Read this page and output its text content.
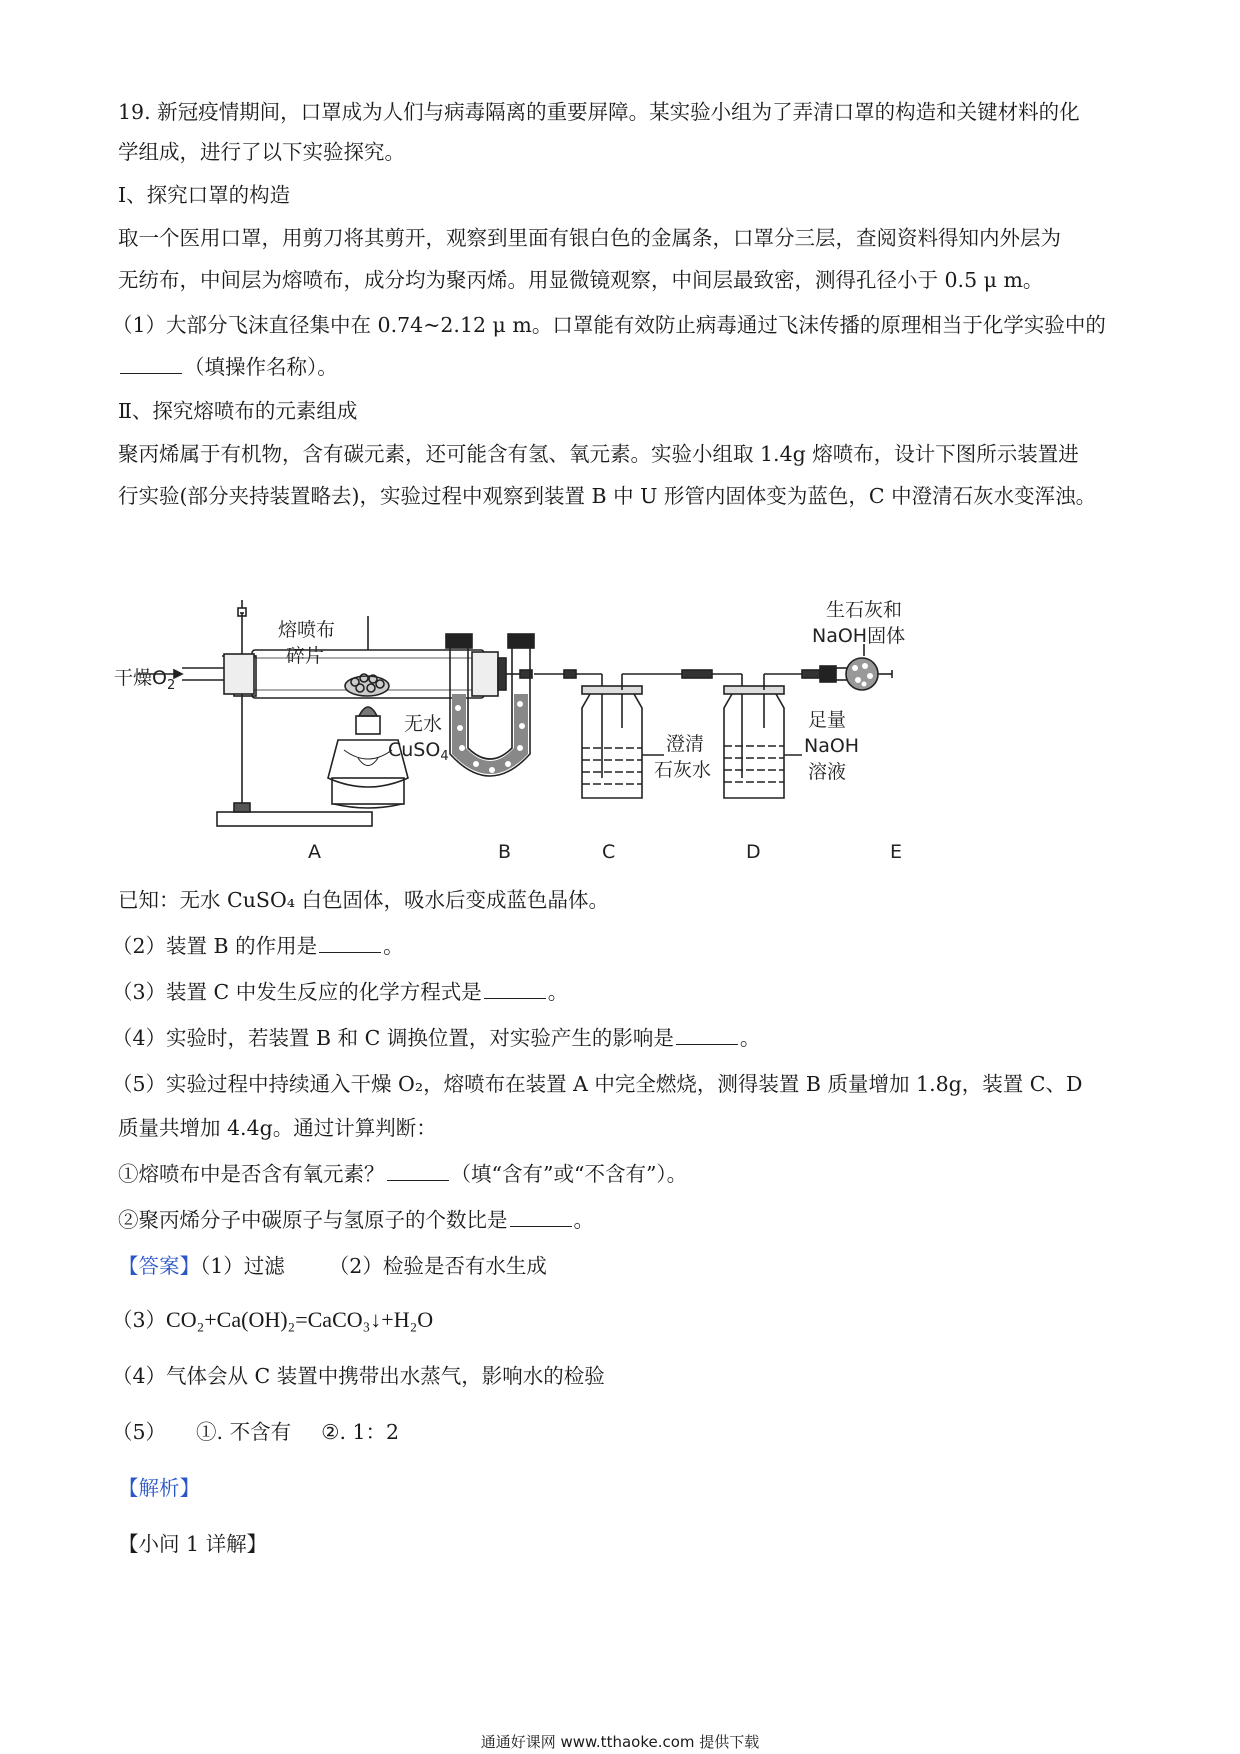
19. 新冠疫情期间，口罩成为人们与病毒隔离的重要屏障。某实验小组为了弄清口罩的构造和关键材料的化
学组成，进行了以下实验探究。
Ⅰ、探究口罩的构造
取一个医用口罩，用剪刀将其剪开，观察到里面有银白色的金属条，口罩分三层，查阅资料得知内外层为
无纺布，中间层为熔喷布，成分均为聚丙烯。用显微镜观察，中间层最致密，测得孔径小于 0.5 μ m。
（1）大部分飞沫直径集中在 0.74~2.12 μ m。口罩能有效防止病毒通过飞沫传播的原理相当于化学实验中的
（填操作名称）。
Ⅱ、探究熔喷布的元素组成
聚丙烯属于有机物，含有碳元素，还可能含有氢、氧元素。实验小组取 1.4g 熔喷布，设计下图所示装置进
行实验(部分夹持装置略去)，实验过程中观察到装置 B 中 U 形管内固体变为蓝色，C 中澄清石灰水变浑浊。
干燥$O_2$
熔喷布
碎片
无水
CuSO$_4$
澄清
石灰水
足量
NaOH
溶液
生石灰和
NaOH固体
A	B	C	D	E
已知：无水 CuSO₄ 白色固体，吸水后变成蓝色晶体。
（2）装置 B 的作用是	。
（3）装置 C 中发生反应的化学方程式是	。
（4）实验时，若装置 B 和 C 调换位置，对实验产生的影响是	。
（5）实验过程中持续通入干燥 O₂，熔喷布在装置 A 中完全燃烧，测得装置 B 质量增加 1.8g，装置 C、D
质量共增加 4.4g。通过计算判断：
①熔喷布中是否含有氧元素？	（填“含有”或“不含有”）。
②聚丙烯分子中碳原子与氢原子的个数比是	。
【答案】（1）过滤 （2）检验是否有水生成
（3）CO₂+Ca(OH)₂=CaCO₃↓+H₂O
（4）气体会从 C 装置中携带出水蒸气，影响水的检验
（5） ①. 不含有 ②. 1：2
【解析】
【小问 1 详解】
通通好课网 www.tthaoke.com 提供下载
